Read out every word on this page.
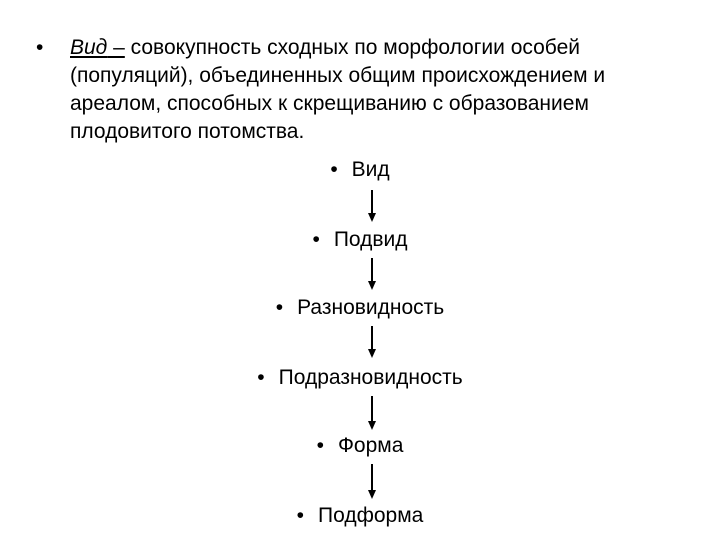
• Вид – совокупность сходных по морфологии особей (популяций), объединенных общим происхождением и ареалом, способных к скрещиванию с образованием плодовитого потомства.
• Вид
• Подвид
• Разновидность
• Подразновидность
• Форма
• Подформа
